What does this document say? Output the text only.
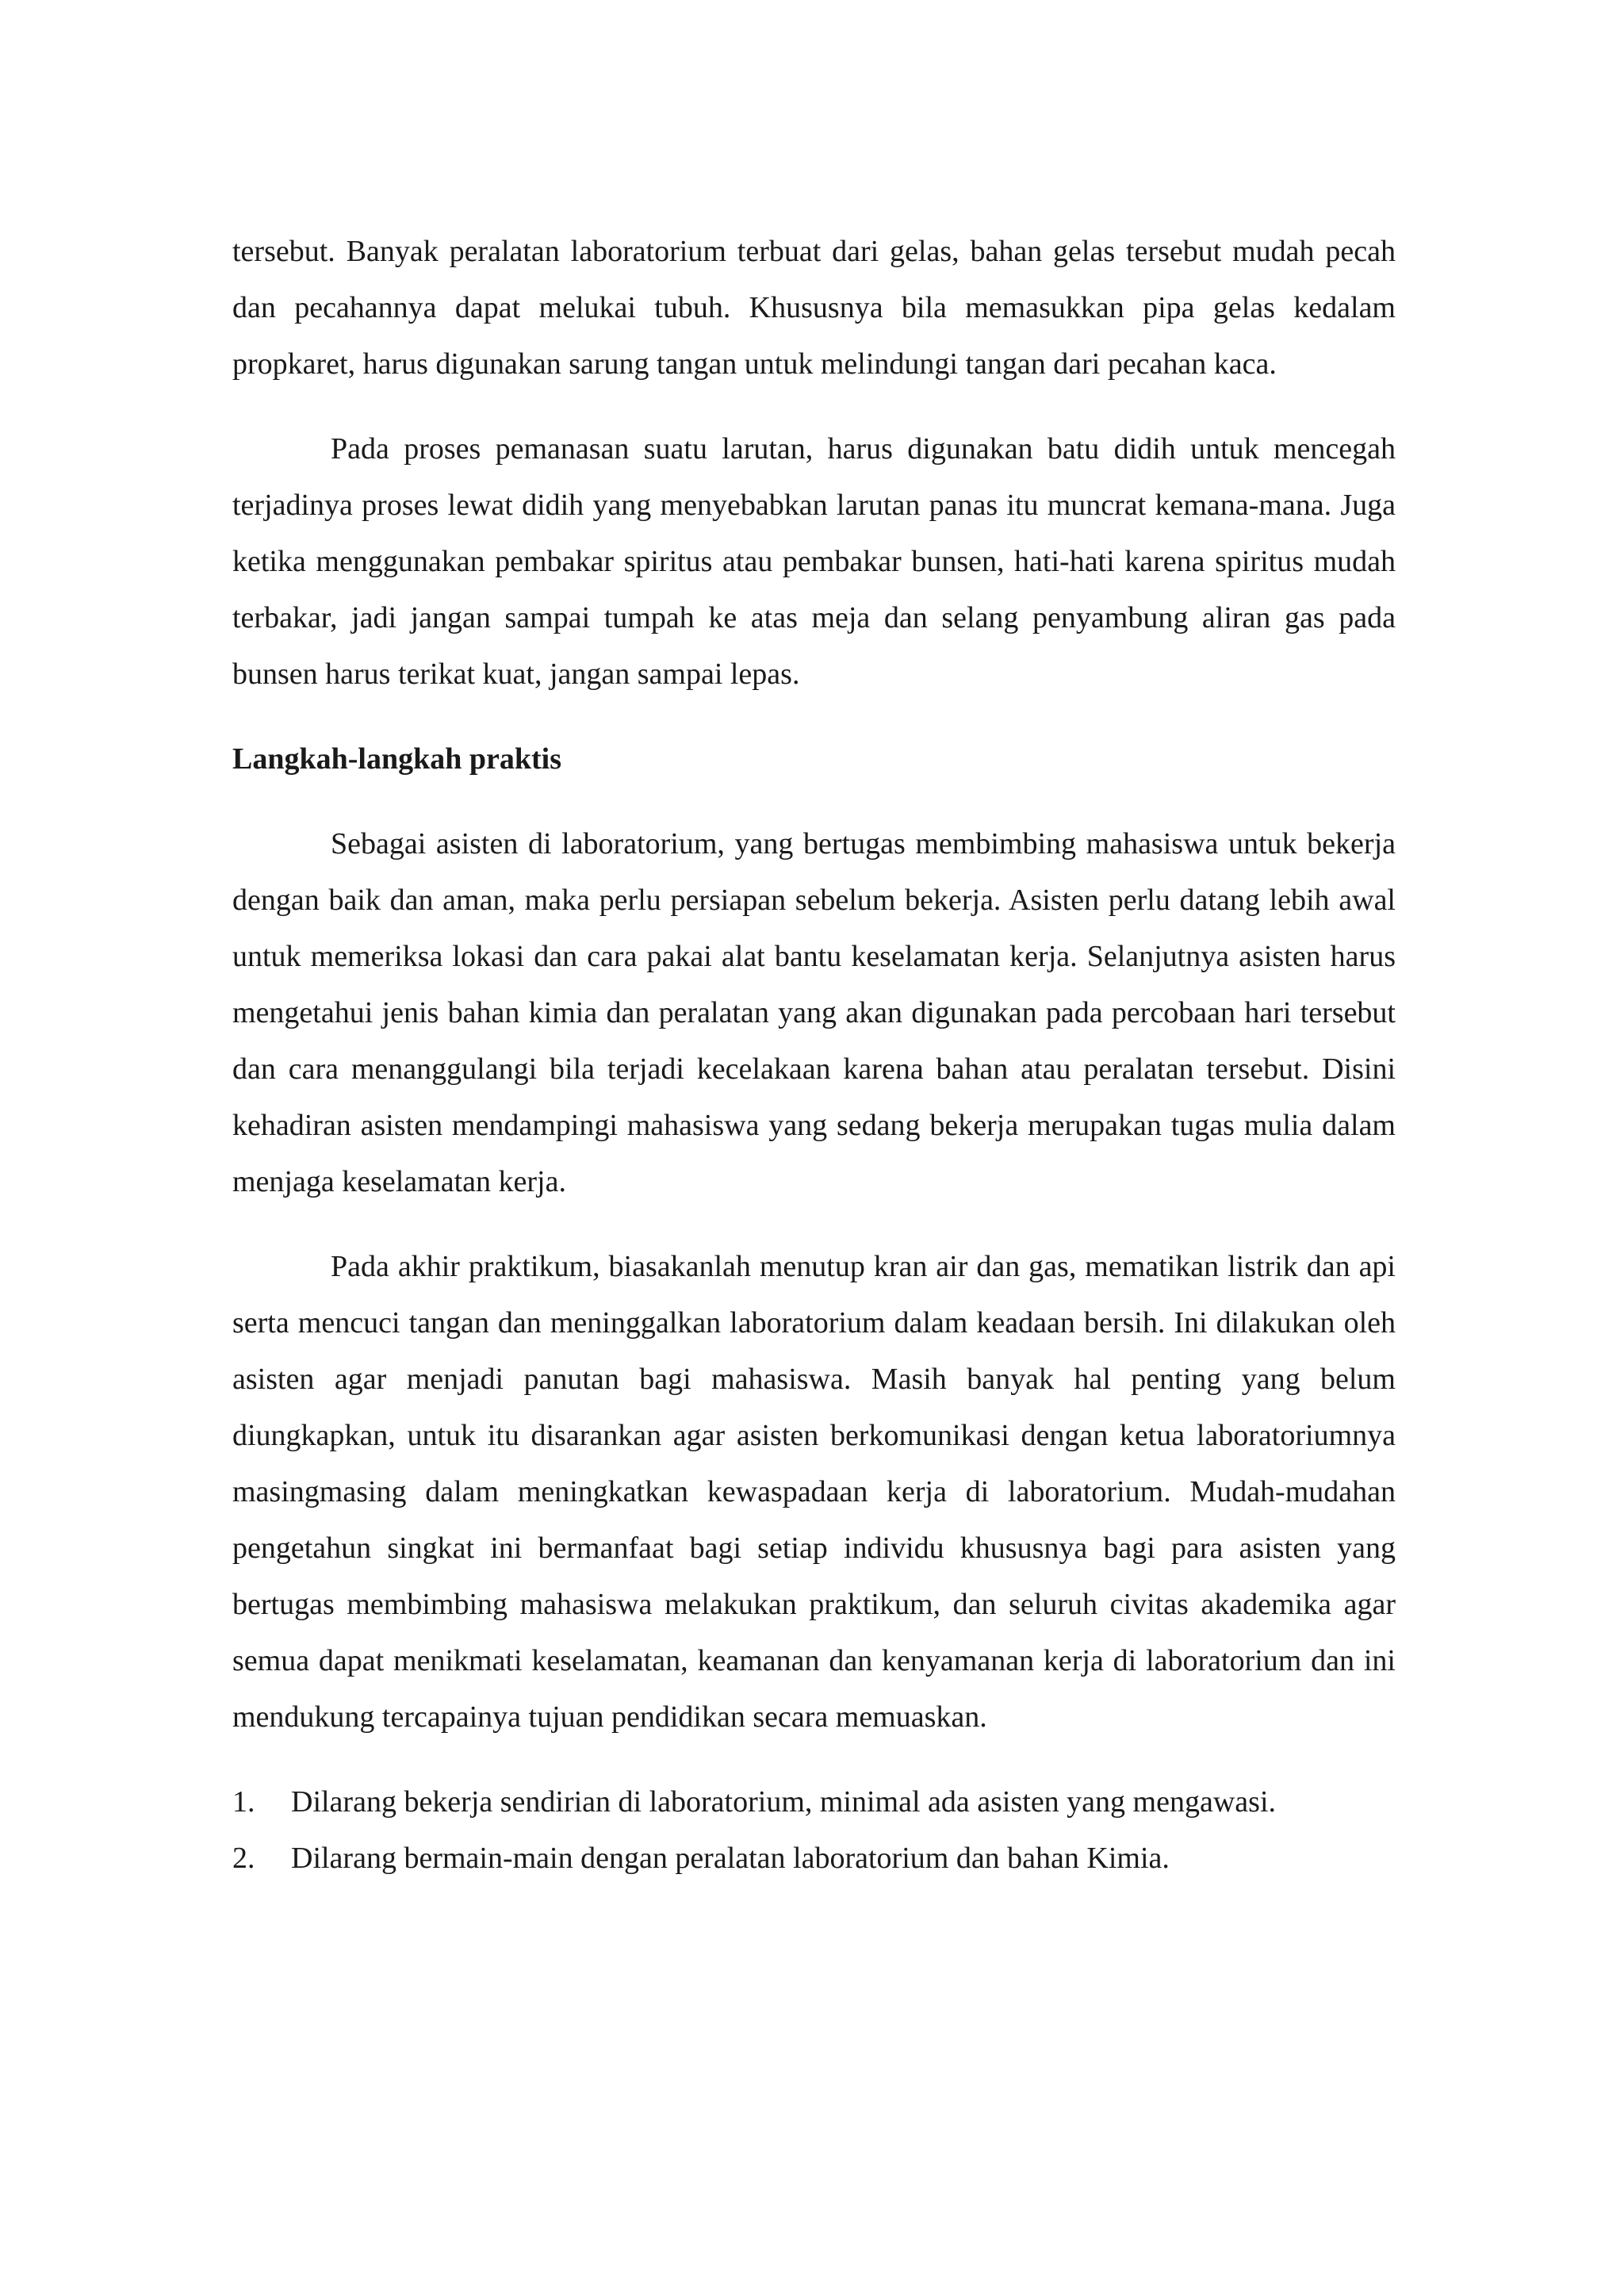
tersebut. Banyak peralatan laboratorium terbuat dari gelas, bahan gelas tersebut mudah pecah dan pecahannya dapat melukai tubuh. Khususnya bila memasukkan pipa gelas kedalam propkaret, harus digunakan sarung tangan untuk melindungi tangan dari pecahan kaca.

Pada proses pemanasan suatu larutan, harus digunakan batu didih untuk mencegah terjadinya proses lewat didih yang menyebabkan larutan panas itu muncrat kemana-mana. Juga ketika menggunakan pembakar spiritus atau pembakar bunsen, hati-hati karena spiritus mudah terbakar, jadi jangan sampai tumpah ke atas meja dan selang penyambung aliran gas pada bunsen harus terikat kuat, jangan sampai lepas.

Langkah-langkah praktis

Sebagai asisten di laboratorium, yang bertugas membimbing mahasiswa untuk bekerja dengan baik dan aman, maka perlu persiapan sebelum bekerja. Asisten perlu datang lebih awal untuk memeriksa lokasi dan cara pakai alat bantu keselamatan kerja. Selanjutnya asisten harus mengetahui jenis bahan kimia dan peralatan yang akan digunakan pada percobaan hari tersebut dan cara menanggulangi bila terjadi kecelakaan karena bahan atau peralatan tersebut. Disini kehadiran asisten mendampingi mahasiswa yang sedang bekerja merupakan tugas mulia dalam menjaga keselamatan kerja.

Pada akhir praktikum, biasakanlah menutup kran air dan gas, mematikan listrik dan api serta mencuci tangan dan meninggalkan laboratorium dalam keadaan bersih. Ini dilakukan oleh asisten agar menjadi panutan bagi mahasiswa. Masih banyak hal penting yang belum diungkapkan, untuk itu disarankan agar asisten berkomunikasi dengan ketua laboratoriumnya masingmasing dalam meningkatkan kewaspadaan kerja di laboratorium. Mudah-mudahan pengetahun singkat ini bermanfaat bagi setiap individu khususnya bagi para asisten yang bertugas membimbing mahasiswa melakukan praktikum, dan seluruh civitas akademika agar semua dapat menikmati keselamatan, keamanan dan kenyamanan kerja di laboratorium dan ini mendukung tercapainya tujuan pendidikan secara memuaskan.

1.	Dilarang bekerja sendirian di laboratorium, minimal ada asisten yang mengawasi.
2.	Dilarang bermain-main dengan peralatan laboratorium dan bahan Kimia.
